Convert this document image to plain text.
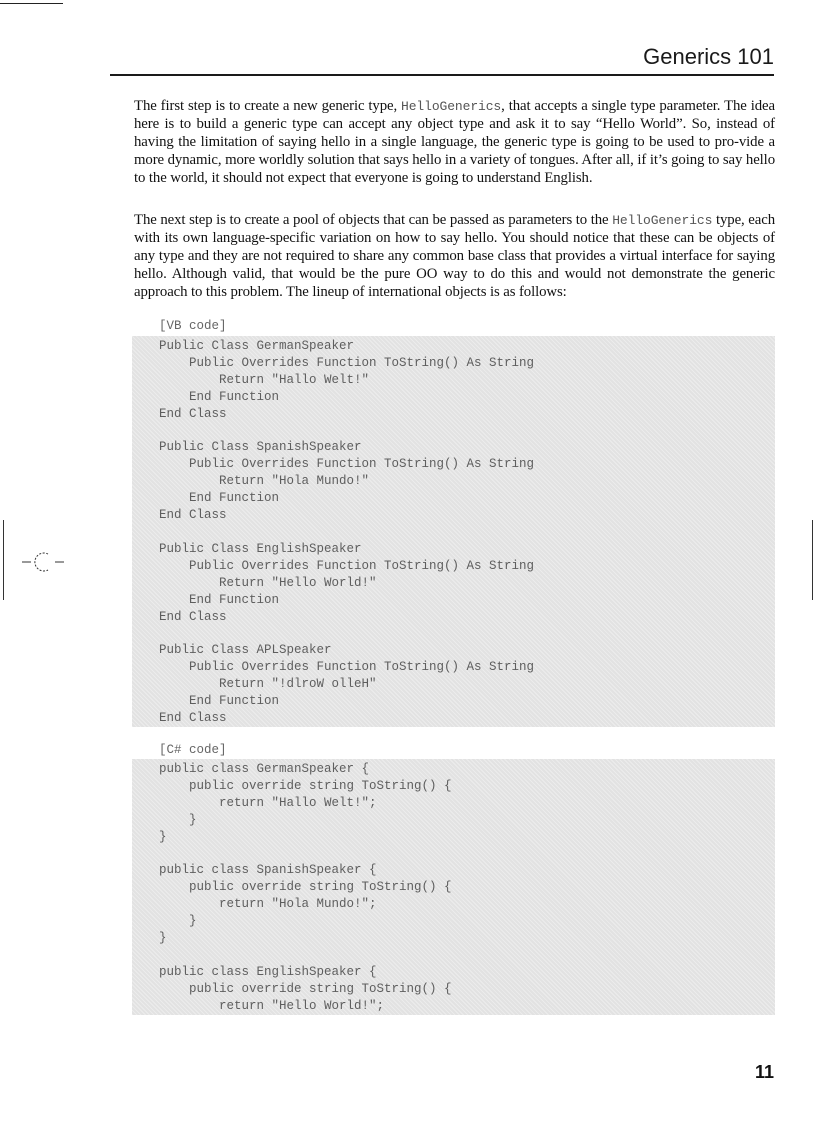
Generics 101

The first step is to create a new generic type, HelloGenerics, that accepts a single type parameter. The idea here is to build a generic type can accept any object type and ask it to say “Hello World”. So, instead of having the limitation of saying hello in a single language, the generic type is going to be used to pro-vide a more dynamic, more worldly solution that says hello in a variety of tongues. After all, if it’s going to say hello to the world, it should not expect that everyone is going to understand English.

The next step is to create a pool of objects that can be passed as parameters to the HelloGenerics type, each with its own language-specific variation on how to say hello. You should notice that these can be objects of any type and they are not required to share any common base class that provides a virtual interface for saying hello. Although valid, that would be the pure OO way to do this and would not demonstrate the generic approach to this problem. The lineup of international objects is as follows:

[VB code]
Public Class GermanSpeaker
Public Overrides Function ToString() As String
Return "Hallo Welt!"
End Function
End Class

Public Class SpanishSpeaker
Public Overrides Function ToString() As String
Return "Hola Mundo!"
End Function
End Class

Public Class EnglishSpeaker
Public Overrides Function ToString() As String
Return "Hello World!"
End Function
End Class

Public Class APLSpeaker
Public Overrides Function ToString() As String
Return "!dlroW olleH"
End Function
End Class
[C# code]
public class GermanSpeaker {
public override string ToString() {
return "Hallo Welt!";
}
}

public class SpanishSpeaker {
public override string ToString() {
return "Hola Mundo!";
}
}

public class EnglishSpeaker {
public override string ToString() {
return "Hello World!";
11
